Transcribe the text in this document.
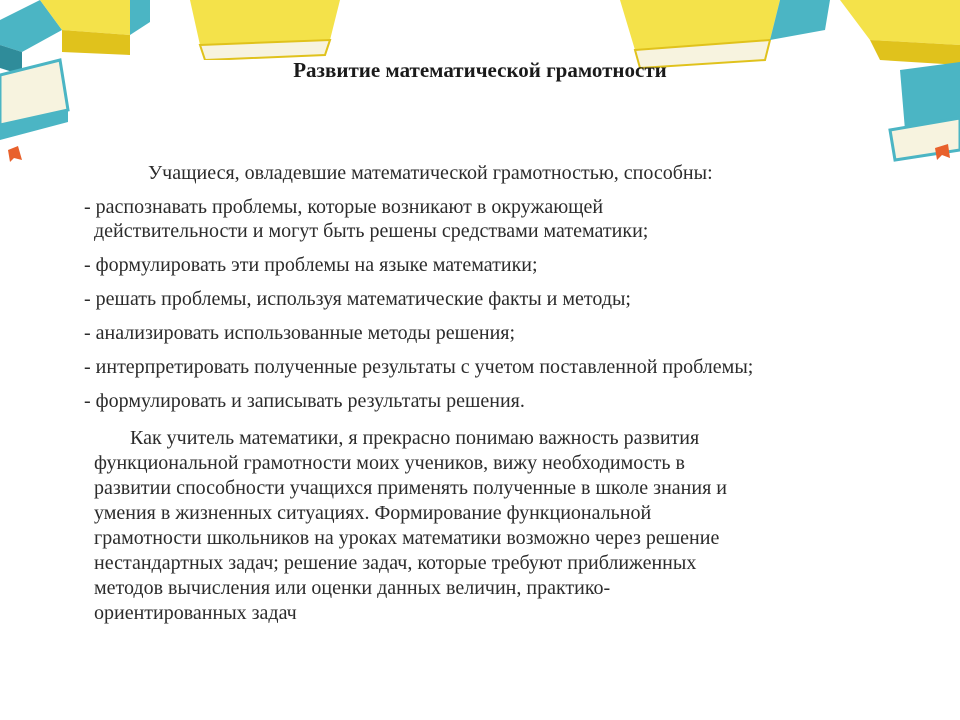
Развитие математической грамотности
Учащиеся, овладевшие математической грамотностью, способны:
- распознавать проблемы, которые возникают в окружающей
действительности и могут быть решены средствами математики;
- формулировать эти проблемы на языке математики;
- решать проблемы, используя математические факты и методы;
- анализировать использованные методы решения;
- интерпретировать полученные результаты с учетом поставленной проблемы;
- формулировать и записывать результаты решения.

Как учитель математики, я прекрасно понимаю важность развития
функциональной грамотности моих учеников, вижу необходимость в
развитии способности учащихся применять полученные в школе знания и
умения в жизненных ситуациях. Формирование функциональной
грамотности школьников на уроках математики возможно через решение
нестандартных задач; решение задач, которые требуют приближенных
методов вычисления или оценки данных величин, практико-
ориентированных задач
